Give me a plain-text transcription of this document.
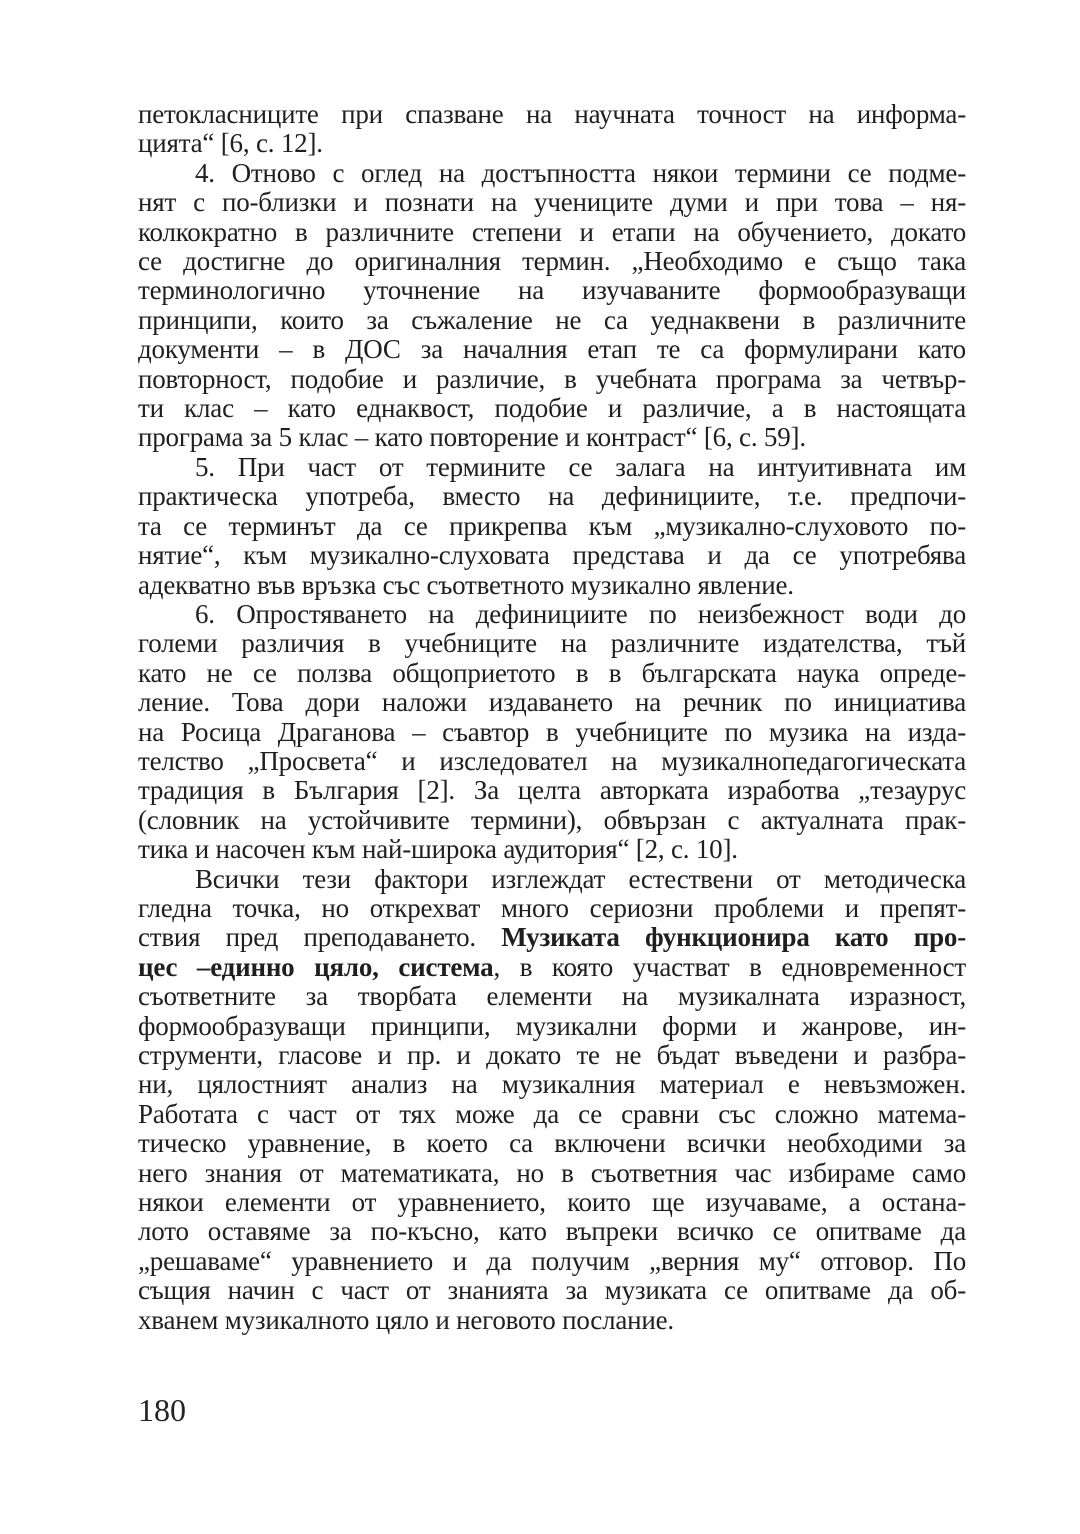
петокласниците при спазване на научната точност на информа-
цията“ [6, с. 12].
4. Отново с оглед на достъпността някои термини се подме-
нят с по-близки и познати на учениците думи и при това – ня-
колкократно в различните степени и етапи на обучението, докато
се достигне до оригиналния термин. „Необходимо е също така
терминологично уточнение на изучаваните формообразуващи
принципи, които за съжаление не са уеднаквени в различните
документи – в ДОС за началния етап те са формулирани като
повторност, подобие и различие, в учебната програма за четвър-
ти клас – като еднаквост, подобие и различие, а в настоящата
програма за 5 клас – като повторение и контраст“ [6, с. 59].
5. При част от термините се залага на интуитивната им
практическа употреба, вместо на дефинициите, т.е. предпочи-
та се терминът да се прикрепва към „музикално-слуховото по-
нятие“, към музикално-слуховата представа и да се употребява
адекватно във връзка със съответното музикално явление.
6. Опростяването на дефинициите по неизбежност води до
големи различия в учебниците на различните издателства, тъй
като не се ползва общоприетото в в българската наука опреде-
ление. Това дори наложи издаването на речник по инициатива
на Росица Драганова – съавтор в учебниците по музика на изда-
телство „Просвета“ и изследовател на музикалнопедагогическата
традиция в България [2]. За целта авторката изработва „тезаурус
(словник на устойчивите термини), обвързан с актуалната прак-
тика и насочен към най-широка аудитория“ [2, с. 10].
Всички тези фактори изглеждат естествени от методическа
гледна точка, но открехват много сериозни проблеми и препят-
ствия пред преподаването. Музиката функционира като про-
цес –единно цяло, система, в която участват в едновременност
съответните за творбата елементи на музикалната изразност,
формообразуващи принципи, музикални форми и жанрове, ин-
струменти, гласове и пр. и докато те не бъдат въведени и разбра-
ни, цялостният анализ на музикалния материал е невъзможен.
Работата с част от тях може да се сравни със сложно матема-
тическо уравнение, в което са включени всички необходими за
него знания от математиката, но в съответния час избираме само
някои елементи от уравнението, които ще изучаваме, а остана-
лото оставяме за по-късно, като въпреки всичко се опитваме да
„решаваме“ уравнението и да получим „верния му“ отговор. По
същия начин с част от знанията за музиката се опитваме да об-
хванем музикалното цяло и неговото послание.
180
